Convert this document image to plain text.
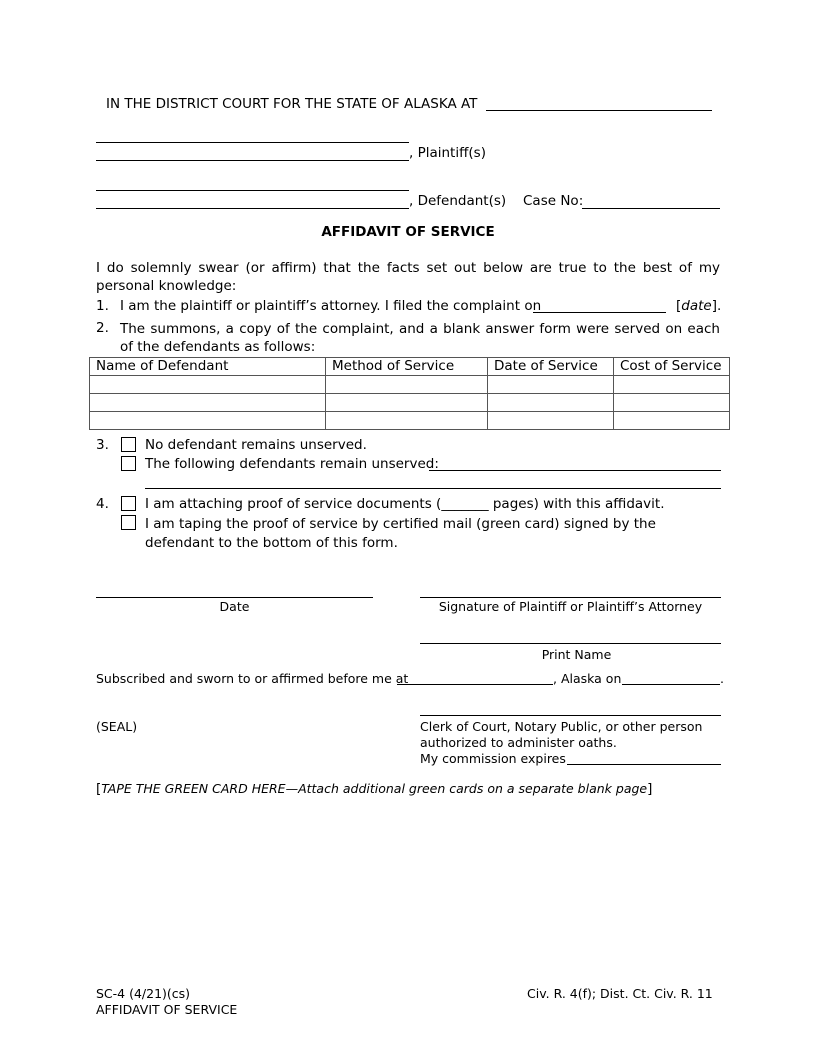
IN THE DISTRICT COURT FOR THE STATE OF ALASKA AT
, Plaintiff(s)
, Defendant(s) Case No:
AFFIDAVIT OF SERVICE
I do solemnly swear (or affirm) that the facts set out below are true to the best of my personal knowledge:
1. I am the plaintiff or plaintiff’s attorney. I filed the complaint on	[date].
2. The summons, a copy of the complaint, and a blank answer form were served on each of the defendants as follows:
Name of Defendant	Method of Service	Date of Service	Cost of Service

3.	No defendant remains unserved.
The following defendants remain unserved:
4.	I am attaching proof of service documents (_______ pages) with this affidavit.
I am taping the proof of service by certified mail (green card) signed by the defendant to the bottom of this form.
Date	Signature of Plaintiff or Plaintiff’s Attorney
Print Name
Subscribed and sworn to or affirmed before me at	, Alaska on	.
(SEAL)	Clerk of Court, Notary Public, or other person
authorized to administer oaths.
My commission expires
[TAPE THE GREEN CARD HERE—Attach additional green cards on a separate blank page]
SC-4 (4/21)(cs)
AFFIDAVIT OF SERVICE
Civ. R. 4(f); Dist. Ct. Civ. R. 11
